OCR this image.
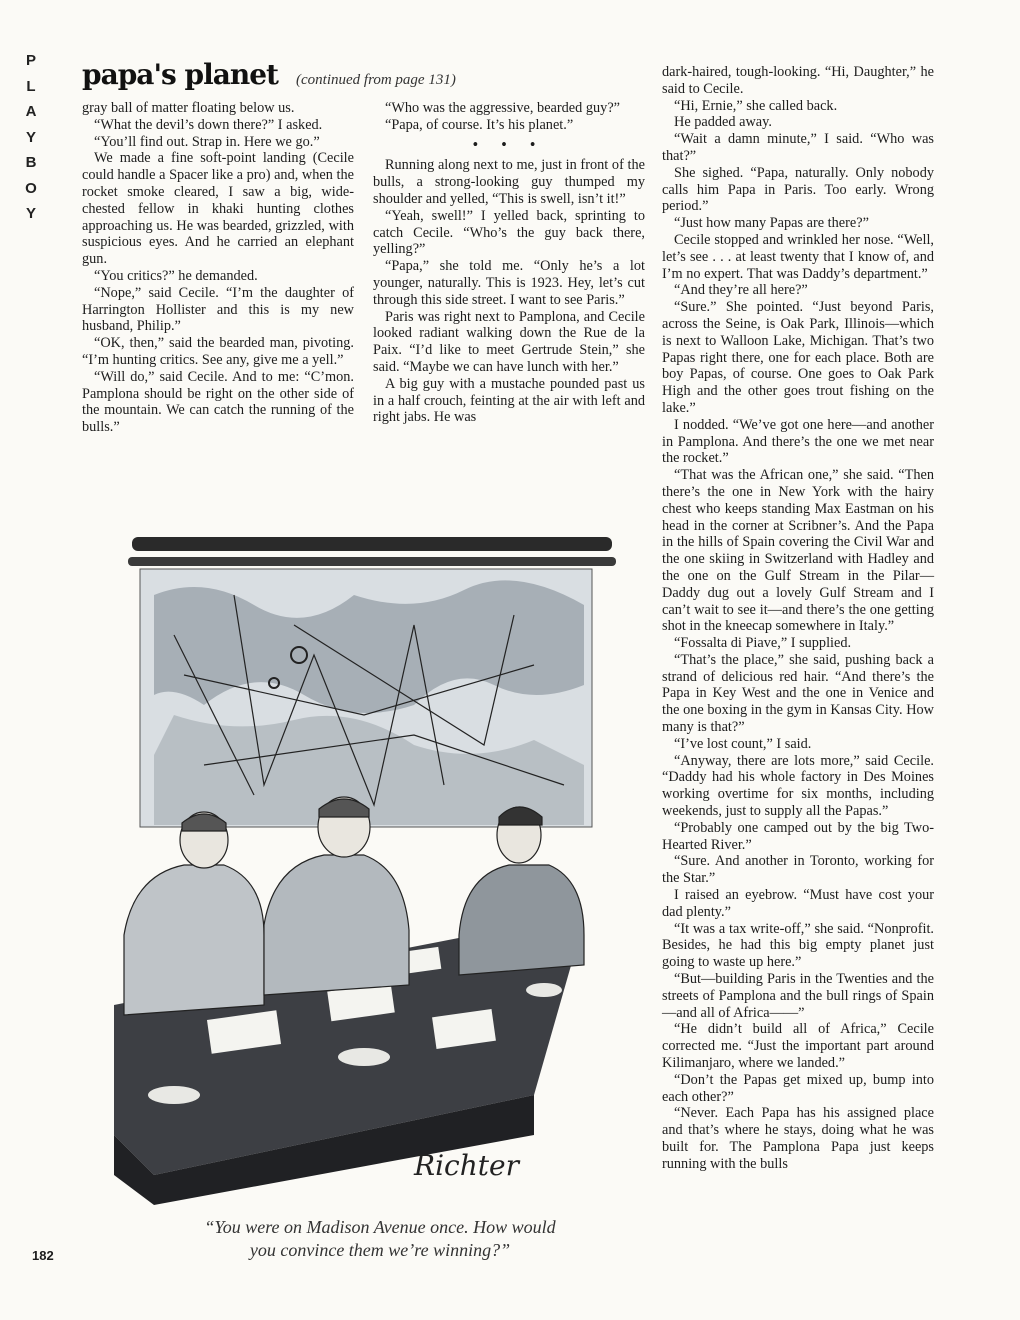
P
L
A
Y
B
O
Y
papa's planet (continued from page 131)

gray ball of matter floating below us.

“What the devil’s down there?” I asked.

“You’ll find out. Strap in. Here we go.”

We made a fine soft-point landing (Cecile could handle a Spacer like a pro) and, when the rocket smoke cleared, I saw a big, wide-chested fellow in khaki hunting clothes approaching us. He was bearded, grizzled, with suspicious eyes. And he carried an elephant gun.

“You critics?” he demanded.

“Nope,” said Cecile. “I’m the daughter of Harrington Hollister and this is my new husband, Philip.”

“OK, then,” said the bearded man, pivoting. “I’m hunting critics. See any, give me a yell.”

“Will do,” said Cecile. And to me: “C’mon. Pamplona should be right on the other side of the mountain. We can catch the running of the bulls.”

“Who was the aggressive, bearded guy?”

“Papa, of course. It’s his planet.”

• • •

Running along next to me, just in front of the bulls, a strong-looking guy thumped my shoulder and yelled, “This is swell, isn’t it!”

“Yeah, swell!” I yelled back, sprinting to catch Cecile. “Who’s the guy back there, yelling?”

“Papa,” she told me. “Only he’s a lot younger, naturally. This is 1923. Hey, let’s cut through this side street. I want to see Paris.”

Paris was right next to Pamplona, and Cecile looked radiant walking down the Rue de la Paix. “I’d like to meet Gertrude Stein,” she said. “Maybe we can have lunch with her.”

A big guy with a mustache pounded past us in a half crouch, feinting at the air with left and right jabs. He was

dark-haired, tough-looking. “Hi, Daughter,” he said to Cecile.

“Hi, Ernie,” she called back.

He padded away.

“Wait a damn minute,” I said. “Who was that?”

She sighed. “Papa, naturally. Only nobody calls him Papa in Paris. Too early. Wrong period.”

“Just how many Papas are there?”

Cecile stopped and wrinkled her nose. “Well, let’s see . . . at least twenty that I know of, and I’m no expert. That was Daddy’s department.”

“And they’re all here?”

“Sure.” She pointed. “Just beyond Paris, across the Seine, is Oak Park, Illinois—which is next to Walloon Lake, Michigan. That’s two Papas right there, one for each place. Both are boy Papas, of course. One goes to Oak Park High and the other goes trout fishing on the lake.”

I nodded. “We’ve got one here—and another in Pamplona. And there’s the one we met near the rocket.”

“That was the African one,” she said. “Then there’s the one in New York with the hairy chest who keeps standing Max Eastman on his head in the corner at Scribner’s. And the Papa in the hills of Spain covering the Civil War and the one skiing in Switzerland with Hadley and the one on the Gulf Stream in the Pilar—Daddy dug out a lovely Gulf Stream and I can’t wait to see it—and there’s the one getting shot in the kneecap somewhere in Italy.”

“Fossalta di Piave,” I supplied.

“That’s the place,” she said, pushing back a strand of delicious red hair. “And there’s the Papa in Key West and the one in Venice and the one boxing in the gym in Kansas City. How many is that?”

“I’ve lost count,” I said.

“Anyway, there are lots more,” said Cecile. “Daddy had his whole factory in Des Moines working overtime for six months, including weekends, just to supply all the Papas.”

“Probably one camped out by the big Two-Hearted River.”

“Sure. And another in Toronto, working for the Star.”

I raised an eyebrow. “Must have cost your dad plenty.”

“It was a tax write-off,” she said. “Nonprofit. Besides, he had this big empty planet just going to waste up here.”

“But—building Paris in the Twenties and the streets of Pamplona and the bull rings of Spain—and all of Africa——”

“He didn’t build all of Africa,” Cecile corrected me. “Just the important part around Kilimanjaro, where we landed.”

“Don’t the Papas get mixed up, bump into each other?”

“Never. Each Papa has his assigned place and that’s where he stays, doing what he was built for. The Pamplona Papa just keeps running with the bulls

Richter
“You were on Madison Avenue once. How would
you convince them we’re winning?”
182
